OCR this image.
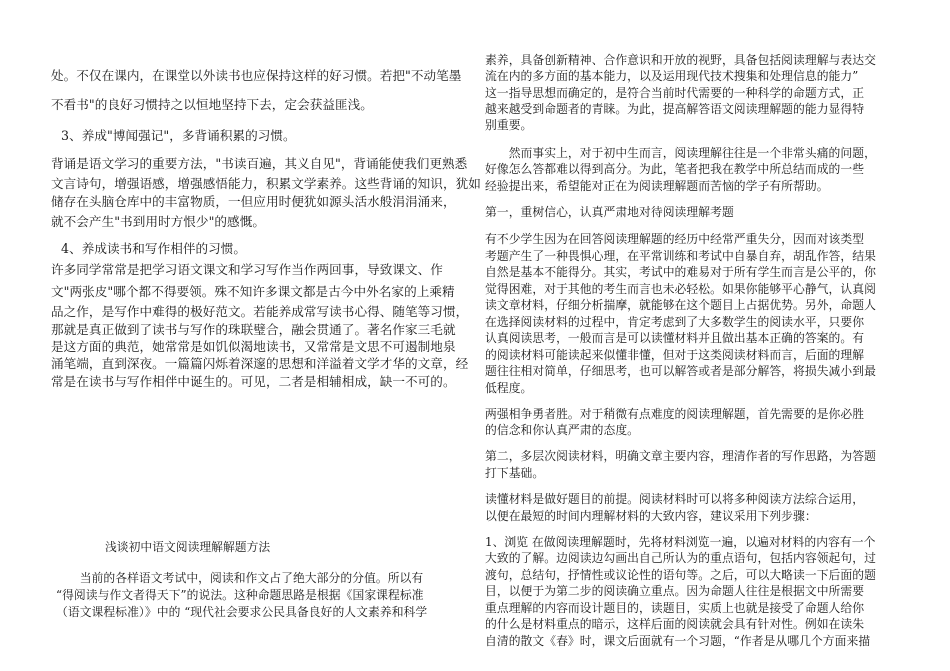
处。不仅在课内，在课堂以外读书也应保持这样的好习惯。若把"不动笔墨

不看书"的良好习惯持之以恒地坚持下去，定会获益匪浅。

3、养成"博闻强记"，多背诵积累的习惯。

背诵是语文学习的重要方法，"书读百遍，其义自见"，背诵能使我们更熟悉

文言诗句，增强语感，增强感悟能力，积累文学素养。这些背诵的知识，犹如

储存在头脑仓库中的丰富物质，一但应用时便犹如源头活水般涓涓涌来，

就不会产生"书到用时方恨少"的感慨。

4、养成读书和写作相伴的习惯。

许多同学常常是把学习语文课文和学习写作当作两回事，导致课文、作

文"两张皮"哪个都不得要领。殊不知许多课文都是古今中外名家的上乘精

品之作，是写作中难得的极好范文。若能养成常写读书心得、随笔等习惯，

那就是真正做到了读书与写作的珠联璧合，融会贯通了。著名作家三毛就

是这方面的典范，她常常是如饥似渴地读书，又常常是文思不可遏制地泉

涌笔端，直到深夜。一篇篇闪烁着深邃的思想和洋溢着文学才华的文章，经

常是在读书与写作相伴中诞生的。可见，二者是相辅相成，缺一不可的。

浅谈初中语文阅读理解解题方法

　　当前的各样语文考试中，阅读和作文占了绝大部分的分值。所以有

“得阅读与作文者得天下”的说法。这种命题思路是根据《国家课程标准

（语文课程标准）》中的 “现代社会要求公民具备良好的人文素养和科学

素养，具备创新精神、合作意识和开放的视野，具备包括阅读理解与表达交

流在内的多方面的基本能力，以及运用现代技术搜集和处理信息的能力”

这一指导思想而确定的，是符合当前时代需要的一种科学的命题方式，正

越来越受到命题者的青睐。为此，提高解答语文阅读理解题的能力显得特

别重要。

　　然而事实上，对于初中生而言，阅读理解往往是一个非常头痛的问题，

好像怎么答都难以得到高分。为此，笔者把我在教学中所总结而成的一些

经验提出来，希望能对正在为阅读理解题而苦恼的学子有所帮助。

第一，重树信心，认真严肃地对待阅读理解考题

有不少学生因为在回答阅读理解题的经历中经常严重失分，因而对该类型

考题产生了一种畏惧心理，在平常训练和考试中自暴自弃，胡乱作答，结果

自然是基本不能得分。其实，考试中的难易对于所有学生而言是公平的，你

觉得困难，对于其他的考生而言也未必轻松。如果你能够平心静气，认真阅

读文章材料，仔细分析揣摩，就能够在这个题目上占据优势。另外，命题人

在选择阅读材料的过程中，肯定考虑到了大多数学生的阅读水平，只要你

认真阅读思考，一般而言是可以读懂材料并且做出基本正确的答案的。有

的阅读材料可能读起来似懂非懂，但对于这类阅读材料而言，后面的理解

题往往相对简单，仔细思考，也可以解答或者是部分解答，将损失减小到最

低程度。

两强相争勇者胜。对于稍微有点难度的阅读理解题，首先需要的是你必胜

的信念和你认真严肃的态度。

第二，多层次阅读材料，明确文章主要内容，理清作者的写作思路，为答题

打下基础。

读懂材料是做好题目的前提。阅读材料时可以将多种阅读方法综合运用，

以便在最短的时间内理解材料的大致内容，建议采用下列步骤：

1、浏览 在做阅读理解题时，先将材料浏览一遍，以遍对材料的内容有一个

大致的了解。边阅读边勾画出自己所认为的重点语句，包括内容领起句，过

渡句，总结句，抒情性或议论性的语句等。之后，可以大略读一下后面的题

目，以便于为第二步的阅读确立重点。因为命题人往往是根据文中所需要

重点理解的内容而设计题目的，读题目，实质上也就是接受了命题人给你

的什么是材料重点的暗示，这样后面的阅读就会具有针对性。例如在读朱

自清的散文《春》时，课文后面就有一个习题，“作者是从哪几个方面来描
